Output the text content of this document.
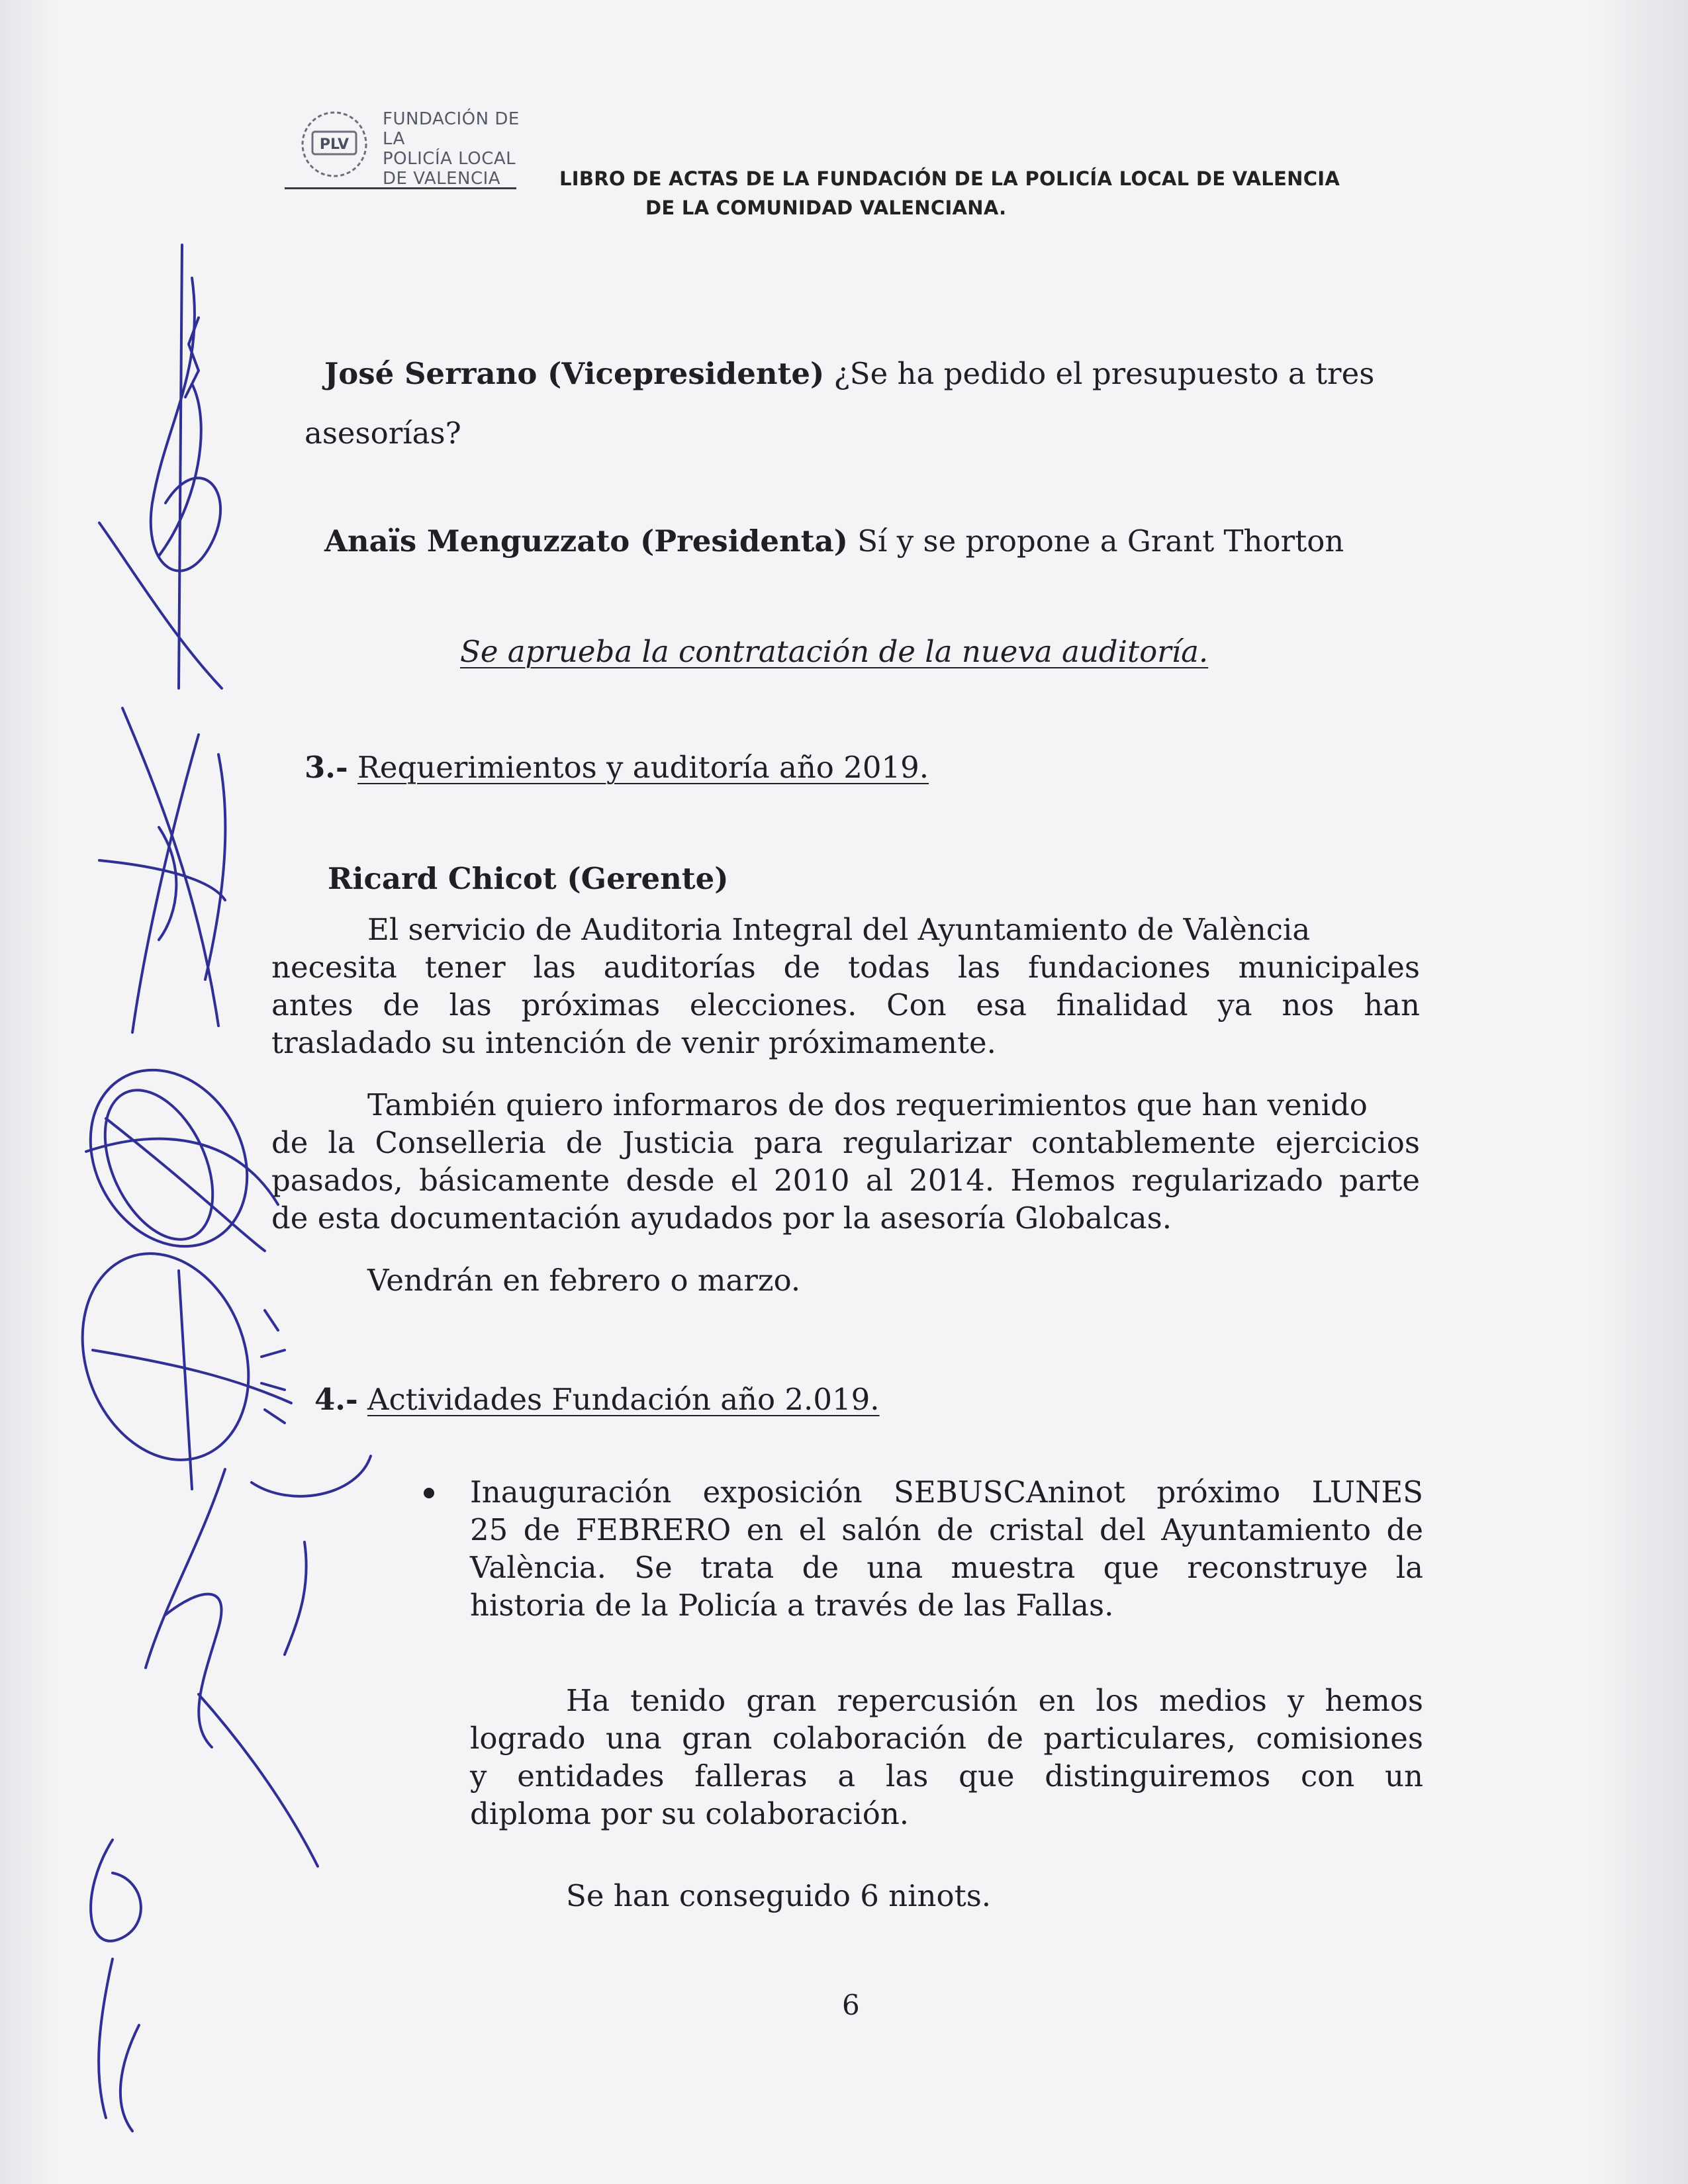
PLV
FUNDACIÓN DE LA
POLICÍA LOCAL
DE VALENCIA	LIBRO DE ACTAS DE LA FUNDACIÓN DE LA POLICÍA LOCAL DE VALENCIA
DE LA COMUNIDAD VALENCIANA.
José Serrano (Vicepresidente) ¿Se ha pedido el presupuesto a tres
asesorías?
Anaïs Menguzzato (Presidenta) Sí y se propone a Grant Thorton
Se aprueba la contratación de la nueva auditoría.
3.- Requerimientos y auditoría año 2019.
Ricard Chicot (Gerente)
El servicio de Auditoria Integral del Ayuntamiento de València
necesita tener las auditorías de todas las fundaciones municipales
antes de las próximas elecciones. Con esa finalidad ya nos han
trasladado su intención de venir próximamente.
También quiero informaros de dos requerimientos que han venido
de la Conselleria de Justicia para regularizar contablemente ejercicios
pasados, básicamente desde el 2010 al 2014. Hemos regularizado parte
de esta documentación ayudados por la asesoría Globalcas.
Vendrán en febrero o marzo.
4.- Actividades Fundación año 2.019.
Inauguración exposición SEBUSCAninot próximo LUNES
25 de FEBRERO en el salón de cristal del Ayuntamiento de
València. Se trata de una muestra que reconstruye la
historia de la Policía a través de las Fallas.
Ha tenido gran repercusión en los medios y hemos
logrado una gran colaboración de particulares, comisiones
y entidades falleras a las que distinguiremos con un
diploma por su colaboración.
Se han conseguido 6 ninots.
6
